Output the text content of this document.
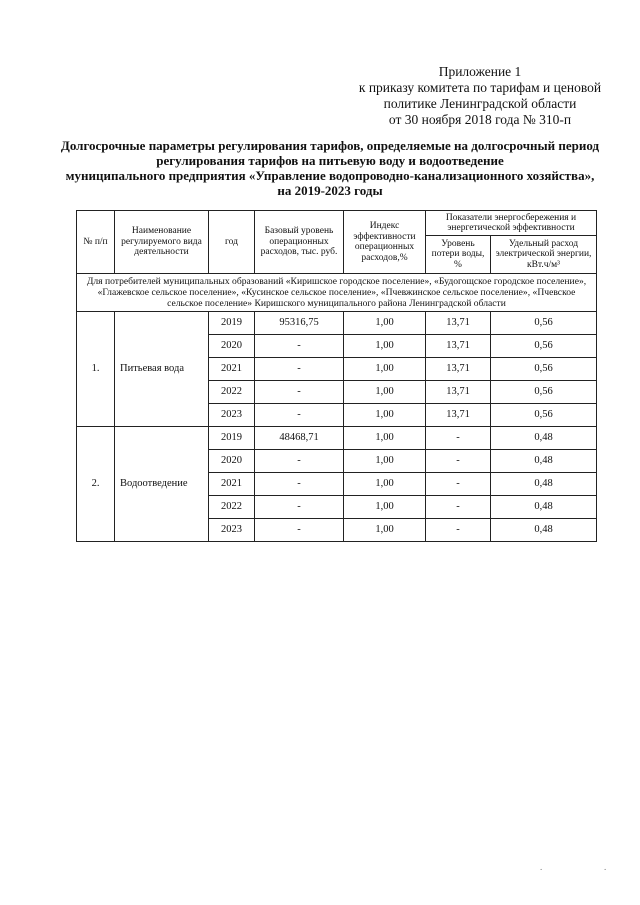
Приложение 1
к приказу комитета по тарифам и ценовой
политике Ленинградской области
от 30 ноября 2018 года № 310-п
Долгосрочные параметры регулирования тарифов, определяемые на долгосрочный период
регулирования тарифов на питьевую воду и водоотведение
муниципального предприятия «Управление водопроводно-канализационного хозяйства»,
на 2019-2023 годы
№ п/п	Наименование регулируемого вида деятельности	год	Базовый уровень операционных расходов, тыс. руб.	Индекс эффективности операционных расходов,%	Показатели энергосбережения и энергетической эффективности	
					Уровень потери воды, %	Удельный расход электрической энергии, кВт.ч/м³
Для потребителей муниципальных образований «Киришское городское поселение», «Будогощское городское поселение», «Глажевское сельское поселение», «Кусинское сельское поселение», «Пчевжинское сельское поселение», «Пчевское сельское поселение» Киришского муниципального района Ленинградской области						
1.	Питьевая вода	2019	95316,75	1,00	13,71	0,56
		2020	-	1,00	13,71	0,56
		2021	-	1,00	13,71	0,56
		2022	-	1,00	13,71	0,56
		2023	-	1,00	13,71	0,56
2.	Водоотведение	2019	48468,71	1,00	-	0,48
		2020	-	1,00	-	0,48
		2021	-	1,00	-	0,48
		2022	-	1,00	-	0,48
		2023	-	1,00	-	0,48
.	.
